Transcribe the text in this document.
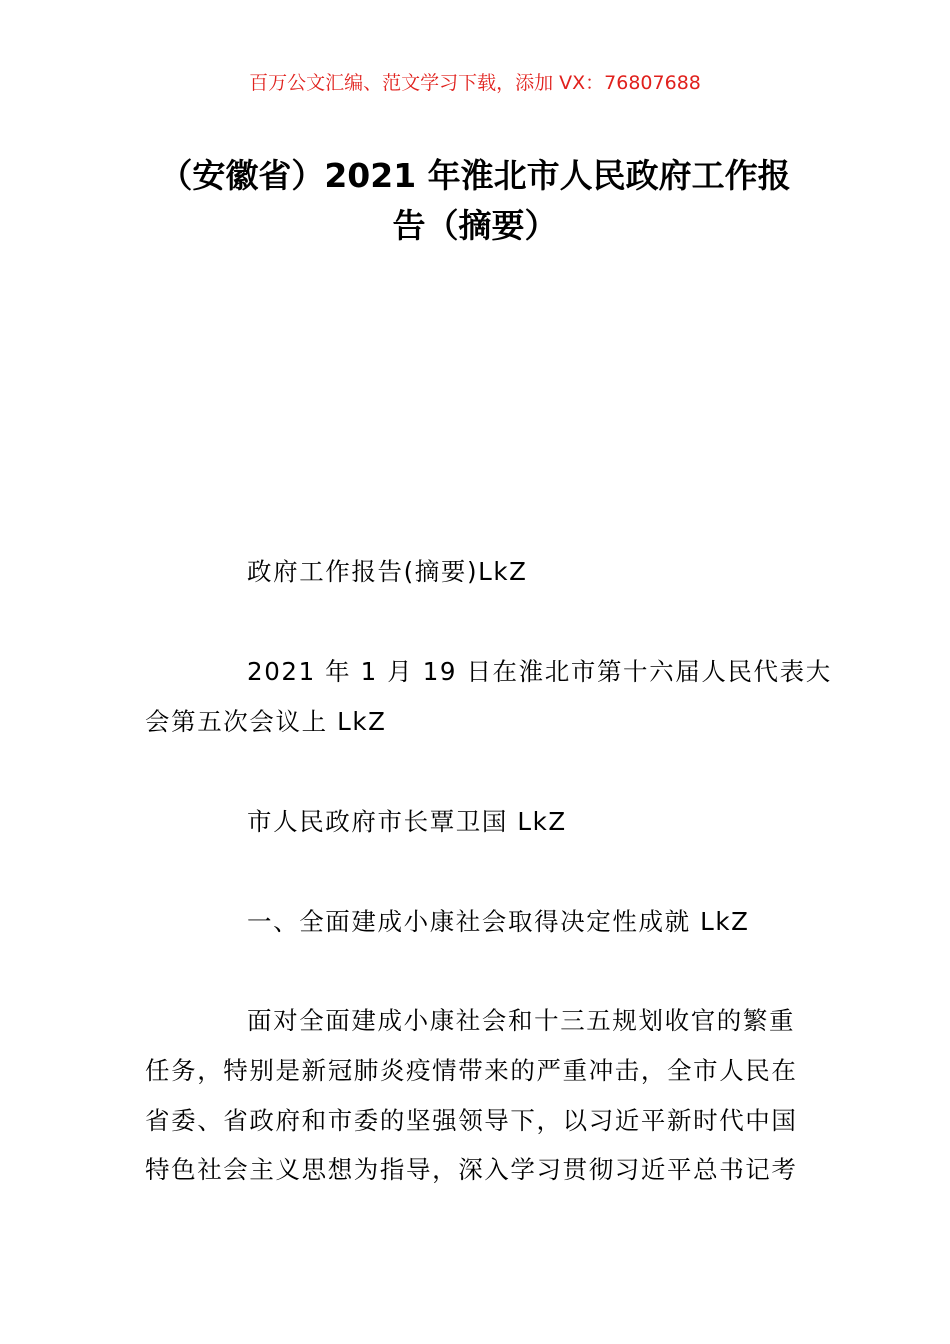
百万公文汇编、范文学习下载，添加 VX：76807688
（安徽省）2021 年淮北市人民政府工作报
告（摘要）
政府工作报告(摘要)LkZ
2021 年 1 月 19 日在淮北市第十六届人民代表大
会第五次会议上 LkZ
市人民政府市长覃卫国 LkZ
一、全面建成小康社会取得决定性成就 LkZ
面对全面建成小康社会和十三五规划收官的繁重
任务，特别是新冠肺炎疫情带来的严重冲击，全市人民在
省委、省政府和市委的坚强领导下，以习近平新时代中国
特色社会主义思想为指导，深入学习贯彻习近平总书记考
